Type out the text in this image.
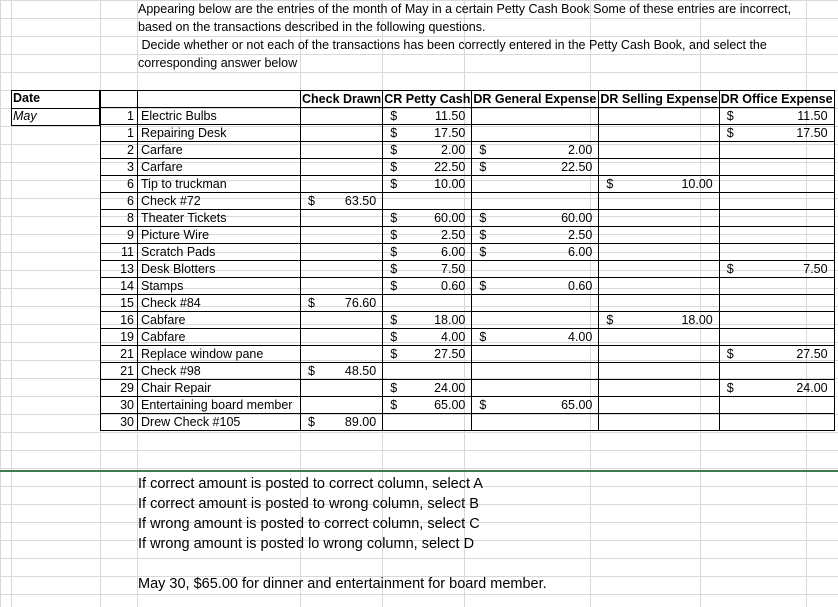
Appearing below are the entries of the month of May in a certain Petty Cash Book Some of these entries are incorrect,

based on the transactions described in the following questions.

Decide whether or not each of the transactions has been correctly entered in the Petty Cash Book, and select the

corresponding answer below

Date
May
		Check Drawn	CR Petty Cash	DR General Expense	DR Selling Expense	DR Office Expense
1	Electric Bulbs		$ 11.50			$ 11.50

1	Repairing Desk		$ 17.50			$ 17.50

2	Carfare		$ 2.00	$ 2.00		

3	Carfare		$ 22.50	$ 22.50		

6	Tip to truckman		$ 10.00		$ 10.00	

6	Check #72	$ 63.50				

8	Theater Tickets		$ 60.00	$ 60.00		

9	Picture Wire		$ 2.50	$ 2.50		

11	Scratch Pads		$ 6.00	$ 6.00		

13	Desk Blotters		$ 7.50			$ 7.50

14	Stamps		$ 0.60	$ 0.60		

15	Check #84	$ 76.60				

16	Cabfare		$ 18.00		$ 18.00	

19	Cabfare		$ 4.00	$ 4.00		

21	Replace window pane		$ 27.50			$ 27.50

21	Check #98	$ 48.50				

29	Chair Repair		$ 24.00			$ 24.00

30	Entertaining board member		$ 65.00	$ 65.00		

30	Drew Check #105	$ 89.00				

If correct amount is posted to correct column, select A
If correct amount is posted to wrong column, select B
If wrong amount is posted to correct column, select C
If wrong amount is posted lo wrong column, select D
May 30, $65.00 for dinner and entertainment for board member.
